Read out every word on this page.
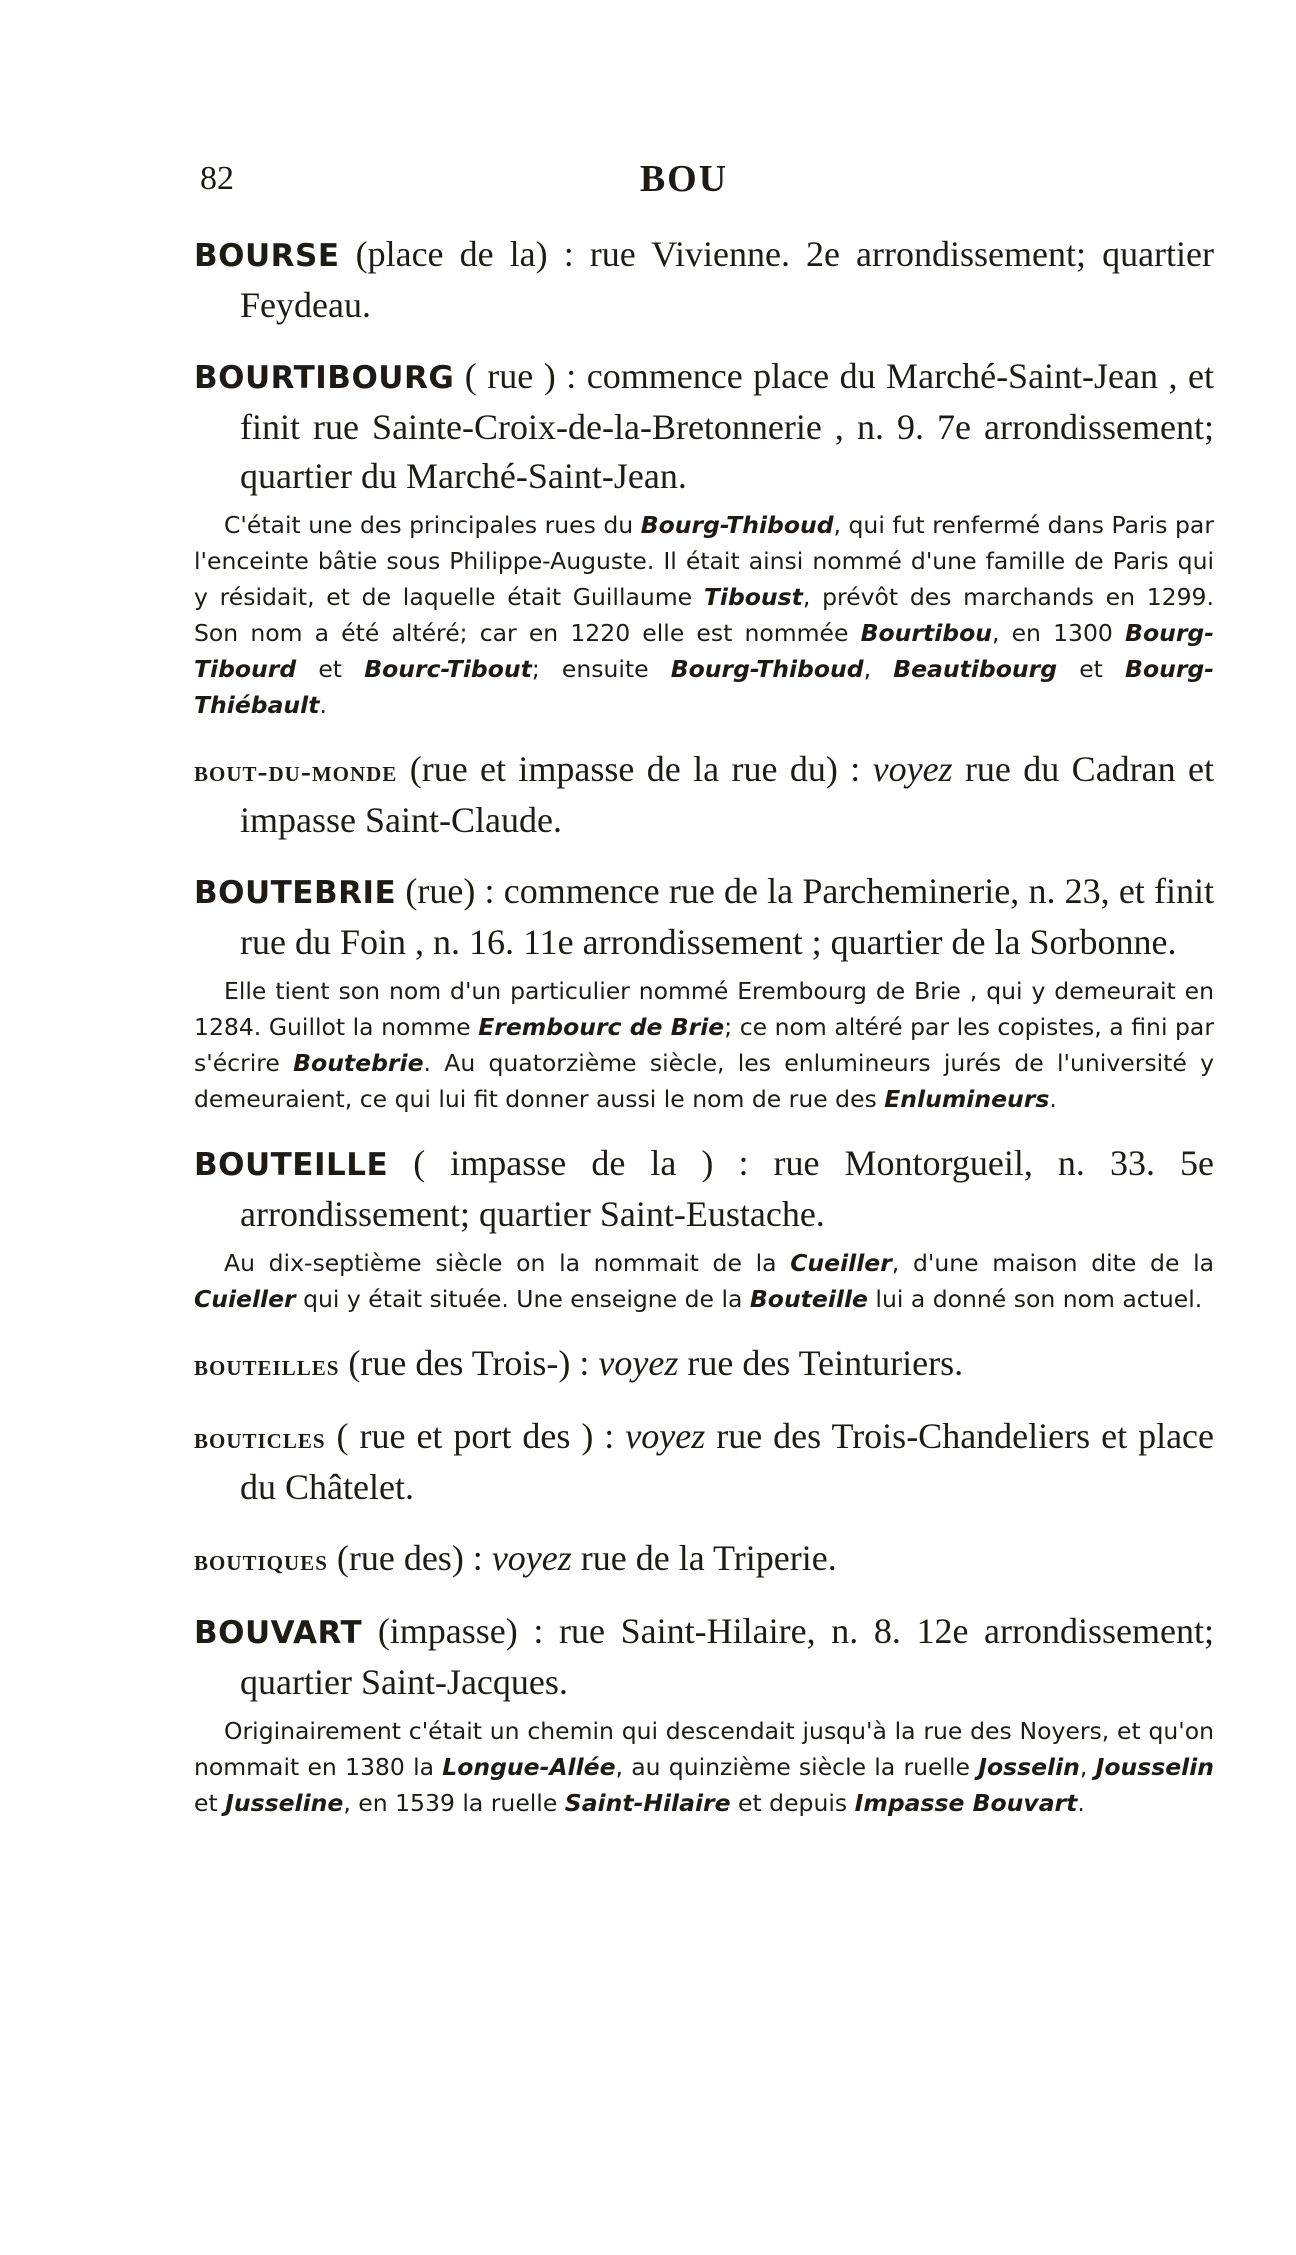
82	BOU
BOURSE (place de la) : rue Vivienne. 2e arrondissement; quartier Feydeau.
BOURTIBOURG ( rue ) : commence place du Marché-Saint-Jean , et finit rue Sainte-Croix-de-la-Bretonnerie , n. 9. 7e arrondissement; quartier du Marché-Saint-Jean.
C'était une des principales rues du Bourg-Thiboud, qui fut renfermé dans Paris par l'enceinte bâtie sous Philippe-Auguste. Il était ainsi nommé d'une famille de Paris qui y résidait, et de laquelle était Guillaume Tiboust, prévôt des marchands en 1299. Son nom a été altéré; car en 1220 elle est nommée Bourtibou, en 1300 Bourg-Tibourd et Bourc-Tibout; ensuite Bourg-Thiboud, Beautibourg et Bourg-Thiébault.
bout-du-monde (rue et impasse de la rue du) : voyez rue du Cadran et impasse Saint-Claude.
BOUTEBRIE (rue) : commence rue de la Parcheminerie, n. 23, et finit rue du Foin , n. 16. 11e arrondissement ; quartier de la Sorbonne.
Elle tient son nom d'un particulier nommé Erembourg de Brie , qui y demeurait en 1284. Guillot la nomme Erembourc de Brie; ce nom altéré par les copistes, a fini par s'écrire Boutebrie. Au quatorzième siècle, les enlumineurs jurés de l'université y demeuraient, ce qui lui fit donner aussi le nom de rue des Enlumineurs.
BOUTEILLE ( impasse de la ) : rue Montorgueil, n. 33. 5e arrondissement; quartier Saint-Eustache.
Au dix-septième siècle on la nommait de la Cueiller, d'une maison dite de la Cuieller qui y était située. Une enseigne de la Bouteille lui a donné son nom actuel.
bouteilles (rue des Trois-) : voyez rue des Teinturiers.
bouticles ( rue et port des ) : voyez rue des Trois-Chandeliers et place du Châtelet.
boutiques (rue des) : voyez rue de la Triperie.
BOUVART (impasse) : rue Saint-Hilaire, n. 8. 12e arrondissement; quartier Saint-Jacques.
Originairement c'était un chemin qui descendait jusqu'à la rue des Noyers, et qu'on nommait en 1380 la Longue-Allée, au quinzième siècle la ruelle Josselin, Jousselin et Jusseline, en 1539 la ruelle Saint-Hilaire et depuis Impasse Bouvart.
